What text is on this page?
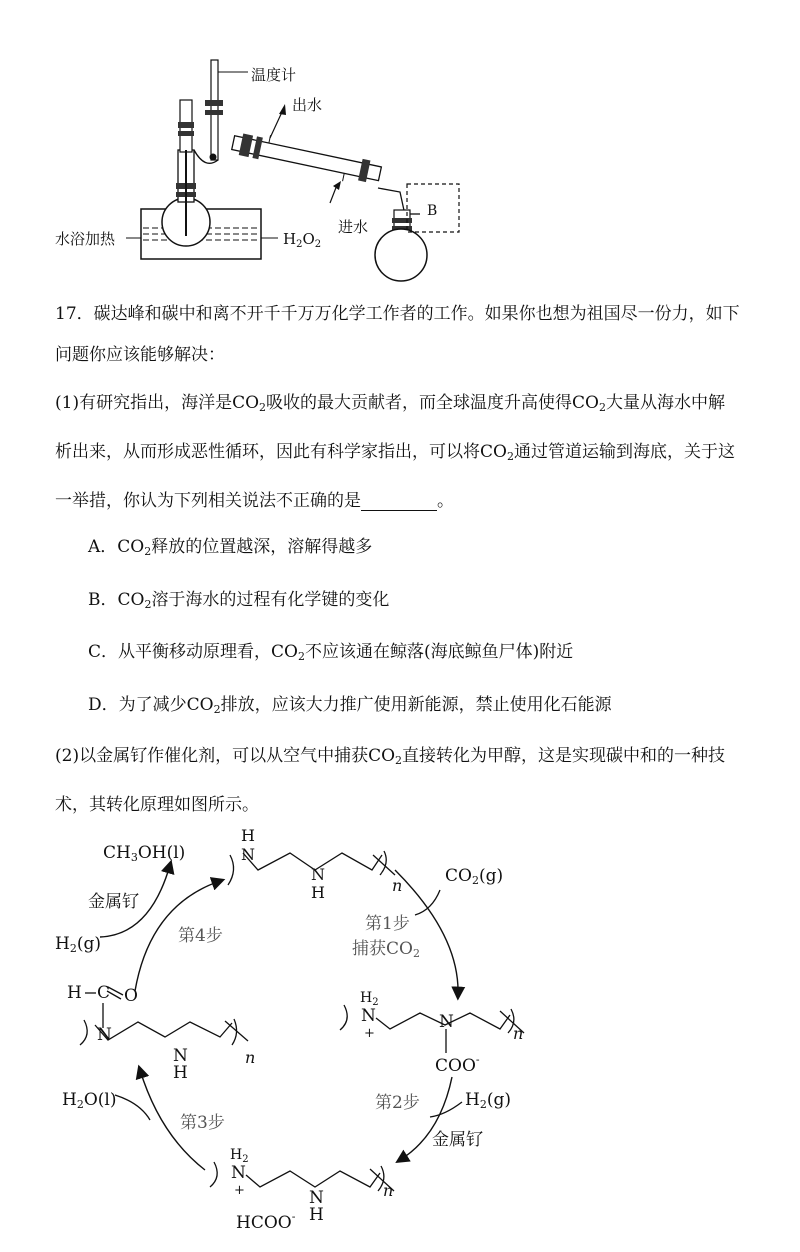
温度计
出水
进水
B
水浴加热	$H_2O_2$
17．碳达峰和碳中和离不开千千万万化学工作者的工作。如果你也想为祖国尽一份力，如下
问题你应该能够解决：
(1)有研究指出，海洋是$CO_2$吸收的最大贡献者，而全球温度升高使得$CO_2$大量从海水中解
析出来，从而形成恶性循环，因此有科学家指出，可以将$CO_2$通过管道运输到海底，关于这
一举措，你认为下列相关说法不正确的是	。
A．$CO_2$释放的位置越深，溶解得越多
B．$CO_2$溶于海水的过程有化学键的变化
C．从平衡移动原理看，$CO_2$不应该通在鲸落(海底鲸鱼尸体)附近
D．为了减少$CO_2$排放，应该大力推广使用新能源，禁止使用化石能源
(2)以金属钌作催化剂，可以从空气中捕获$CO_2$直接转化为甲醇，这是实现碳中和的一种技
术，其转化原理如图所示。
H
N
N
H	n
CH3OH(l)
金属钌
H2(g)	第4步
H C O
N
N
H
n
CO2(g)
第1步
捕获CO2
$H_2$
N
+
N
n
COO-
第2步	H2(g)
金属钌
H2O(l)
第3步
$H_2$
N
+	N
H
n
HCOO-
